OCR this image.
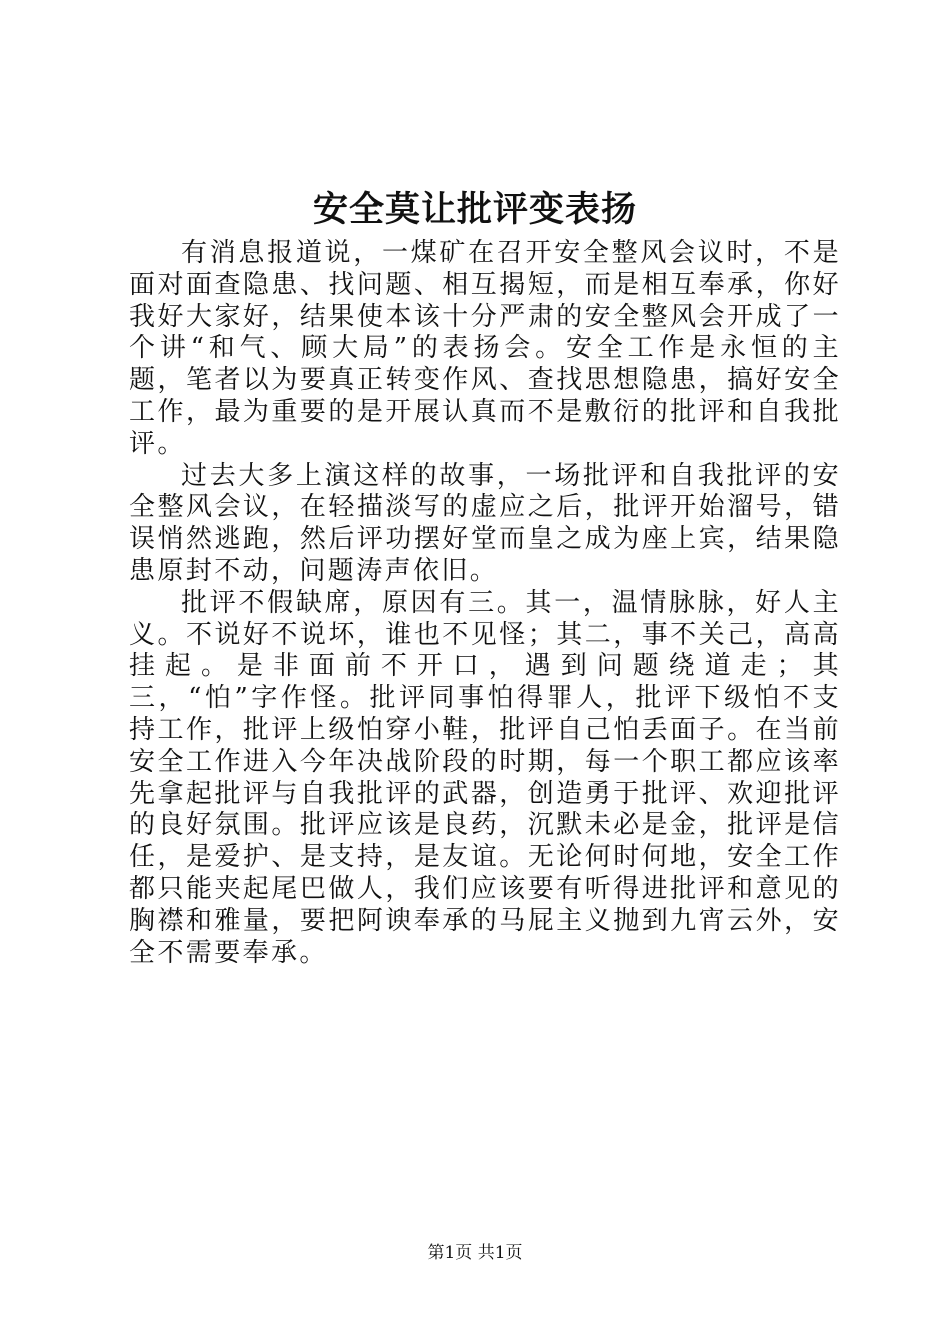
安全莫让批评变表扬

有消息报道说，一煤矿在召开安全整风会议时，不是面对面查隐患、找问题、相互揭短，而是相互奉承，你好我好大家好，结果使本该十分严肃的安全整风会开成了一个讲“和气、顾大局”的表扬会。安全工作是永恒的主题，笔者以为要真正转变作风、查找思想隐患，搞好安全工作，最为重要的是开展认真而不是敷衍的批评和自我批评。

过去大多上演这样的故事，一场批评和自我批评的安全整风会议，在轻描淡写的虚应之后，批评开始溜号，错误悄然逃跑，然后评功摆好堂而皇之成为座上宾，结果隐患原封不动，问题涛声依旧。

批评不假缺席，原因有三。其一，温情脉脉，好人主义。不说好不说坏，谁也不见怪；其二，事不关己，高高挂起。是非面前不开口，遇到问题绕道走；其三，“怕”字作怪。批评同事怕得罪人，批评下级怕不支持工作，批评上级怕穿小鞋，批评自己怕丢面子。在当前安全工作进入今年决战阶段的时期，每一个职工都应该率先拿起批评与自我批评的武器，创造勇于批评、欢迎批评的良好氛围。批评应该是良药，沉默未必是金，批评是信任，是爱护、是支持，是友谊。无论何时何地，安全工作都只能夹起尾巴做人，我们应该要有听得进批评和意见的胸襟和雅量，要把阿谀奉承的马屁主义抛到九宵云外，安全不需要奉承。

第1页 共1页
